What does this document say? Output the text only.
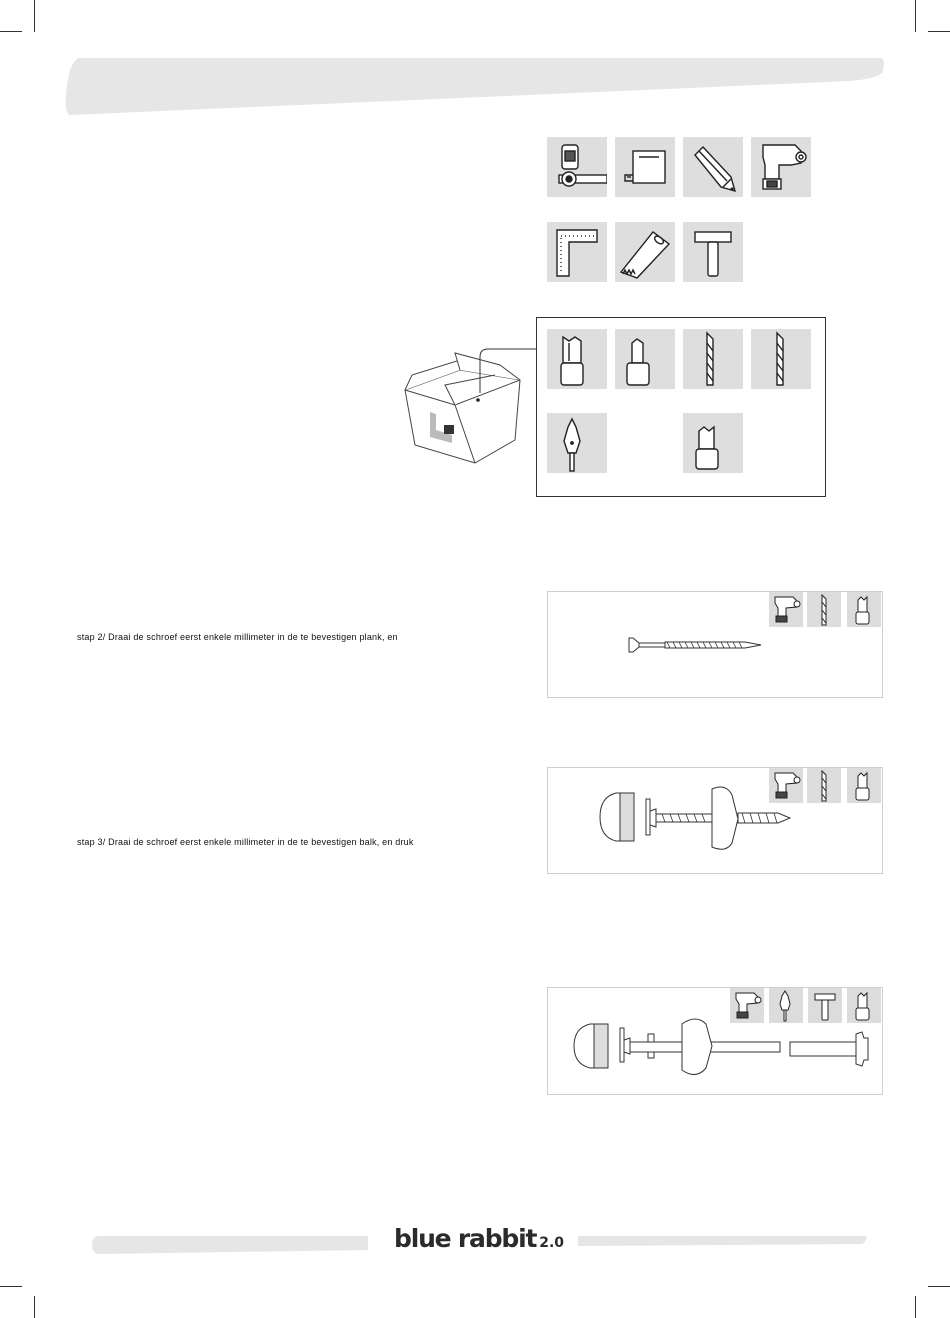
stap 2/ Draai de schroef eerst enkele millimeter in de te bevestigen plank, en
stap 3/ Draai de schroef eerst enkele millimeter in de te bevestigen balk, en druk
blue rabbit 2.0
